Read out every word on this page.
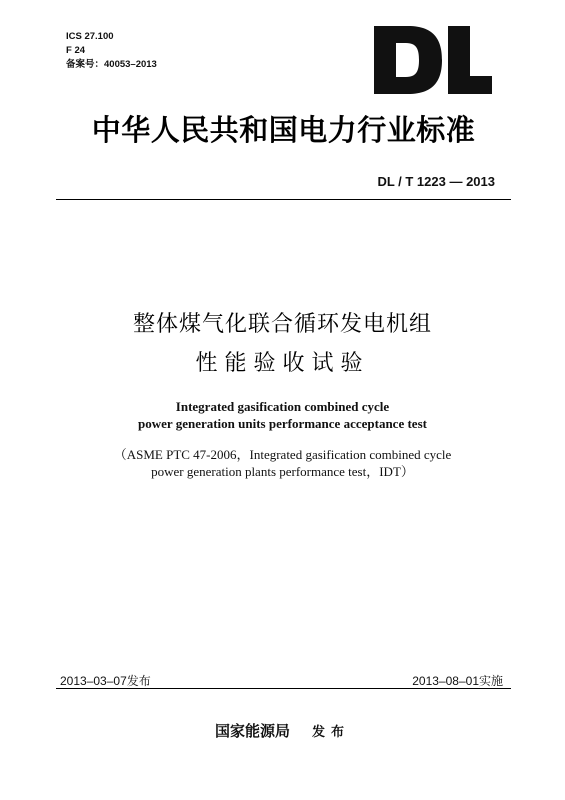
ICS 27.100
F 24
备案号：40053–2013
中华人民共和国电力行业标准
DL / T 1223 — 2013
整体煤气化联合循环发电机组
性能验收试验
Integrated gasification combined cycle
power generation units performance acceptance test
（ASME PTC 47-2006，Integrated gasification combined cycle
power generation plants performance test，IDT）
2013–03–07发布	2013–08–01实施
国家能源局 发布
